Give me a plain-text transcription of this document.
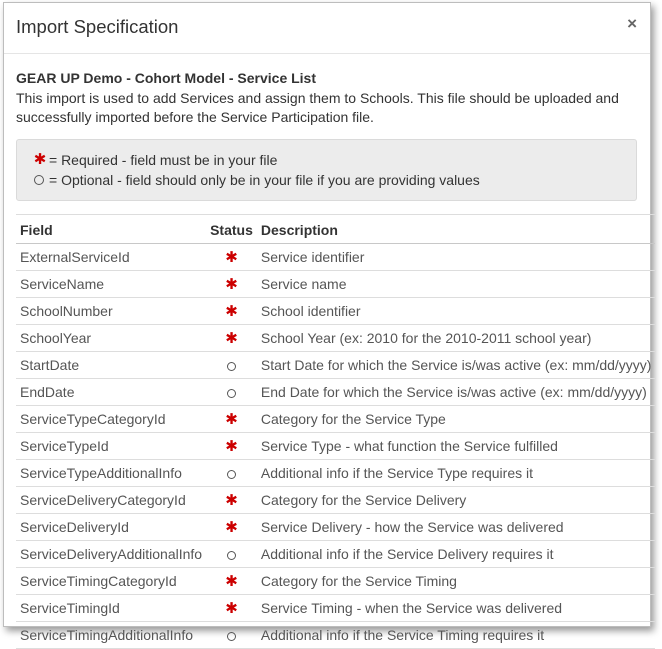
Import Specification	×
GEAR UP Demo - Cohort Model - Service List
This import is used to add Services and assign them to Schools. This file should be uploaded and successfully imported before the Service Participation file.
✱ = Required - field must be in your file
= Optional - field should only be in your file if you are providing values
Field	Status	Description
ExternalServiceId	✱	Service identifier
ServiceName	✱	Service name
SchoolNumber	✱	School identifier
SchoolYear	✱	School Year (ex: 2010 for the 2010-2011 school year)
StartDate		Start Date for which the Service is/was active (ex: mm/dd/yyyy)
EndDate		End Date for which the Service is/was active (ex: mm/dd/yyyy)
ServiceTypeCategoryId	✱	Category for the Service Type
ServiceTypeId	✱	Service Type - what function the Service fulfilled
ServiceTypeAdditionalInfo		Additional info if the Service Type requires it
ServiceDeliveryCategoryId	✱	Category for the Service Delivery
ServiceDeliveryId	✱	Service Delivery - how the Service was delivered
ServiceDeliveryAdditionalInfo		Additional info if the Service Delivery requires it
ServiceTimingCategoryId	✱	Category for the Service Timing
ServiceTimingId	✱	Service Timing - when the Service was delivered
ServiceTimingAdditionalInfo		Additional info if the Service Timing requires it
